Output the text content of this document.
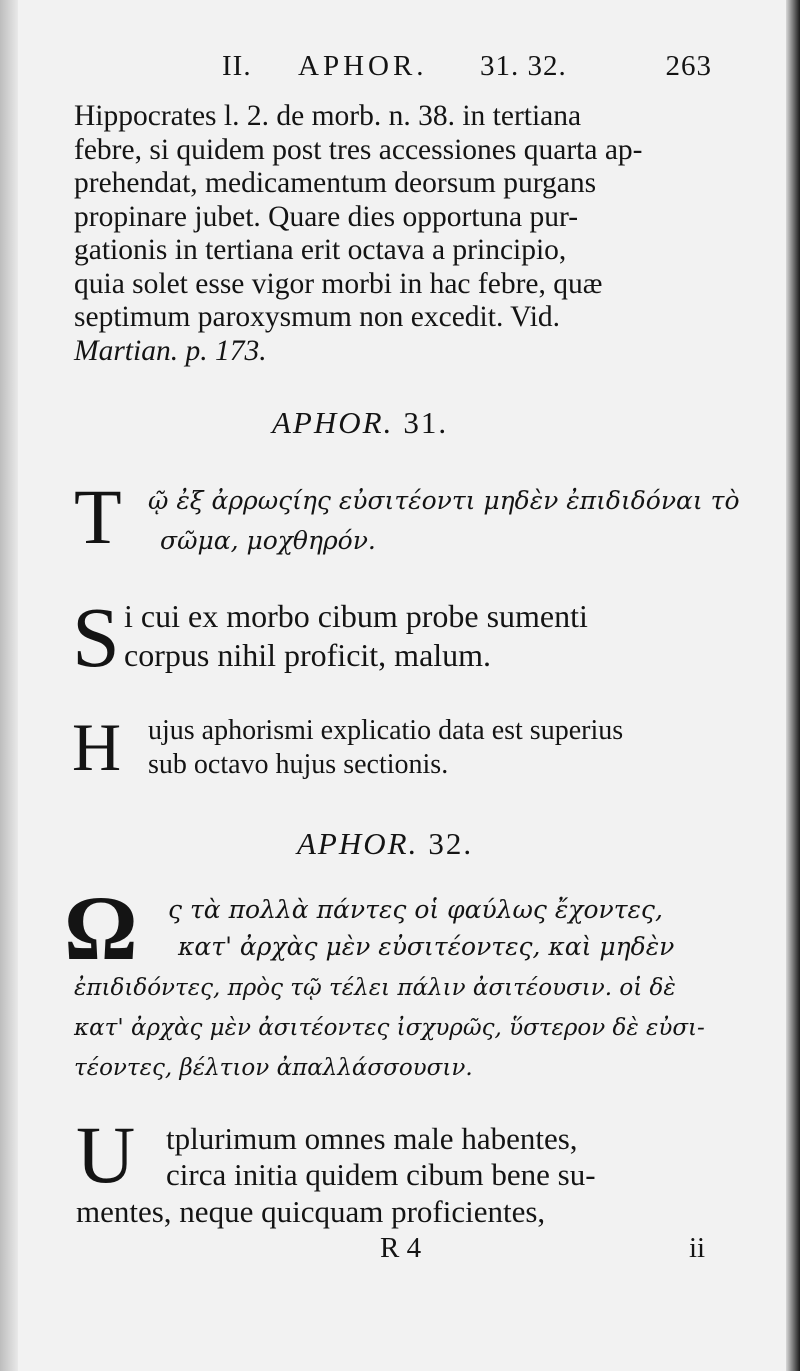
II. APHOR. 31. 32.	263

Hippocrates l. 2. de morb. n. 38. in tertiana

febre, si quidem post tres accessiones quarta ap-

prehendat, medicamentum deorsum purgans

propinare jubet. Quare dies opportuna pur-

gationis in tertiana erit octava a principio,

quia solet esse vigor morbi in hac febre, quæ

septimum paroxysmum non excedit. Vid.

Martian. p. 173.

APHOR. 31.
Τ ῷ ἐξ ἀρρωςίης εὐσιτέοντι μηδὲν ἐπιδιδόναι τὸ
σῶμα, μοχθηρόν.
S i cui ex morbo cibum probe sumenti
corpus nihil proficit, malum.
H ujus aphorismi explicatio data est superius
sub octavo hujus sectionis.
APHOR. 32.
Ω ς τὰ πολλὰ πάντες οἱ φαύλως ἔχοντες,
κατ' ἀρχὰς μὲν εὐσιτέοντες, καὶ μηδὲν
ἐπιδιδόντες, πρὸς τῷ τέλει πάλιν ἀσιτέουσιν. οἱ δὲ
κατ' ἀρχὰς μὲν ἀσιτέοντες ἰσχυρῶς, ὕστερον δὲ εὐσι-
τέοντες, βέλτιον ἀπαλλάσσουσιν.
U tplurimum omnes male habentes,
circa initia quidem cibum bene su-
mentes, neque quicquam proficientes,
R 4	ii
